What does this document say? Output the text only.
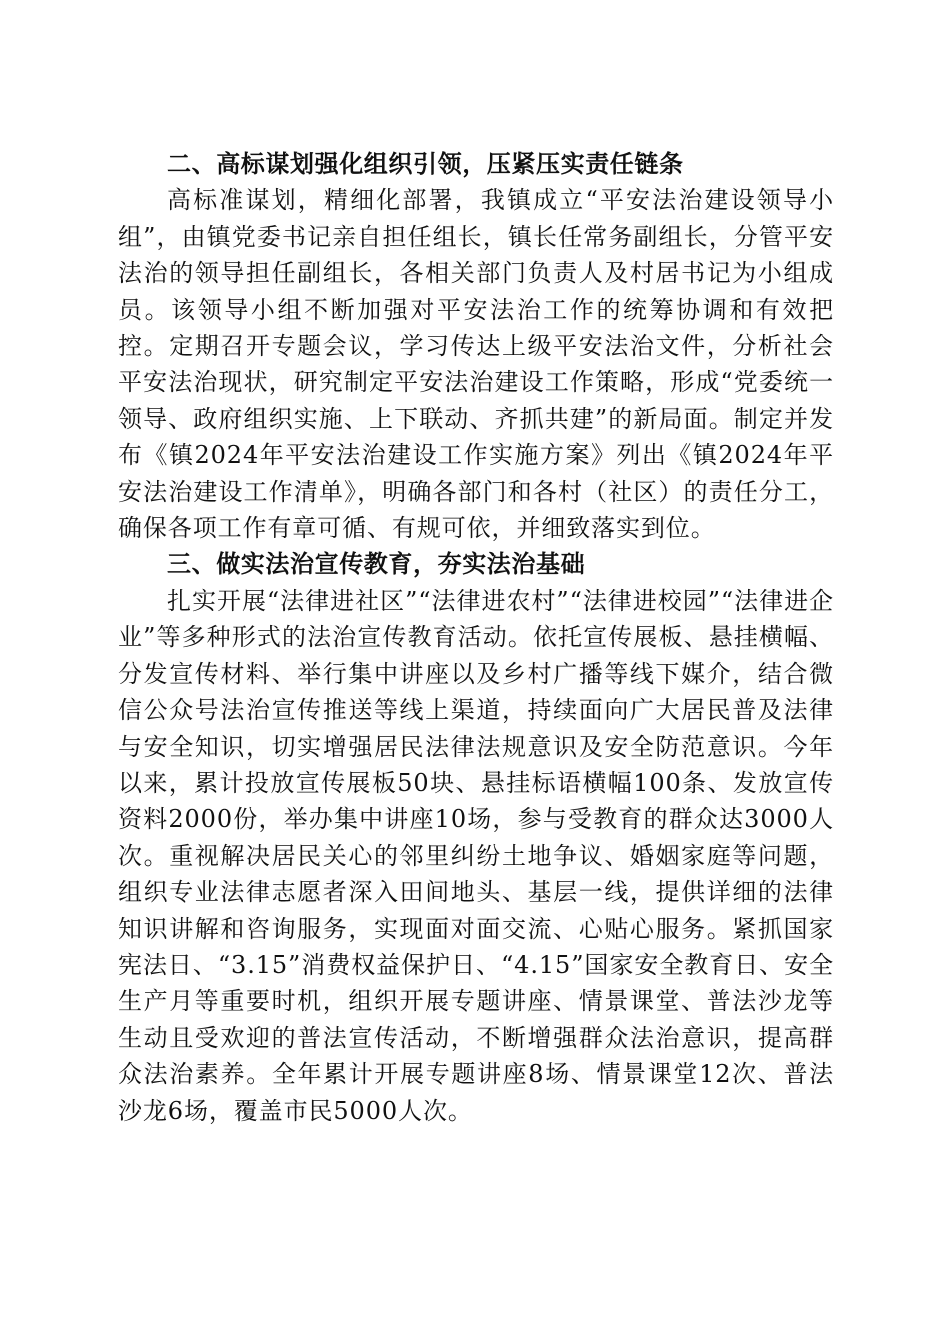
二、高标谋划强化组织引领，压紧压实责任链条

高标准谋划，精细化部署，我镇成立“平安法治建设领导小组”，由镇党委书记亲自担任组长，镇长任常务副组长，分管平安法治的领导担任副组长，各相关部门负责人及村居书记为小组成员。该领导小组不断加强对平安法治工作的统筹协调和有效把控。定期召开专题会议，学习传达上级平安法治文件，分析社会平安法治现状，研究制定平安法治建设工作策略，形成“党委统一领导、政府组织实施、上下联动、齐抓共建”的新局面。制定并发布《镇2024年平安法治建设工作实施方案》列出《镇2024年平安法治建设工作清单》，明确各部门和各村（社区）的责任分工，确保各项工作有章可循、有规可依，并细致落实到位。

三、做实法治宣传教育，夯实法治基础

扎实开展“法律进社区”“法律进农村”“法律进校园”“法律进企业”等多种形式的法治宣传教育活动。依托宣传展板、悬挂横幅、分发宣传材料、举行集中讲座以及乡村广播等线下媒介，结合微信公众号法治宣传推送等线上渠道，持续面向广大居民普及法律与安全知识，切实增强居民法律法规意识及安全防范意识。今年以来，累计投放宣传展板50块、悬挂标语横幅100条、发放宣传资料2000份，举办集中讲座10场，参与受教育的群众达3000人次。重视解决居民关心的邻里纠纷土地争议、婚姻家庭等问题，组织专业法律志愿者深入田间地头、基层一线，提供详细的法律知识讲解和咨询服务，实现面对面交流、心贴心服务。紧抓国家宪法日、“3.15”消费权益保护日、“4.15”国家安全教育日、安全生产月等重要时机，组织开展专题讲座、情景课堂、普法沙龙等生动且受欢迎的普法宣传活动，不断增强群众法治意识，提高群众法治素养。全年累计开展专题讲座8场、情景课堂12次、普法沙龙6场，覆盖市民5000人次。
